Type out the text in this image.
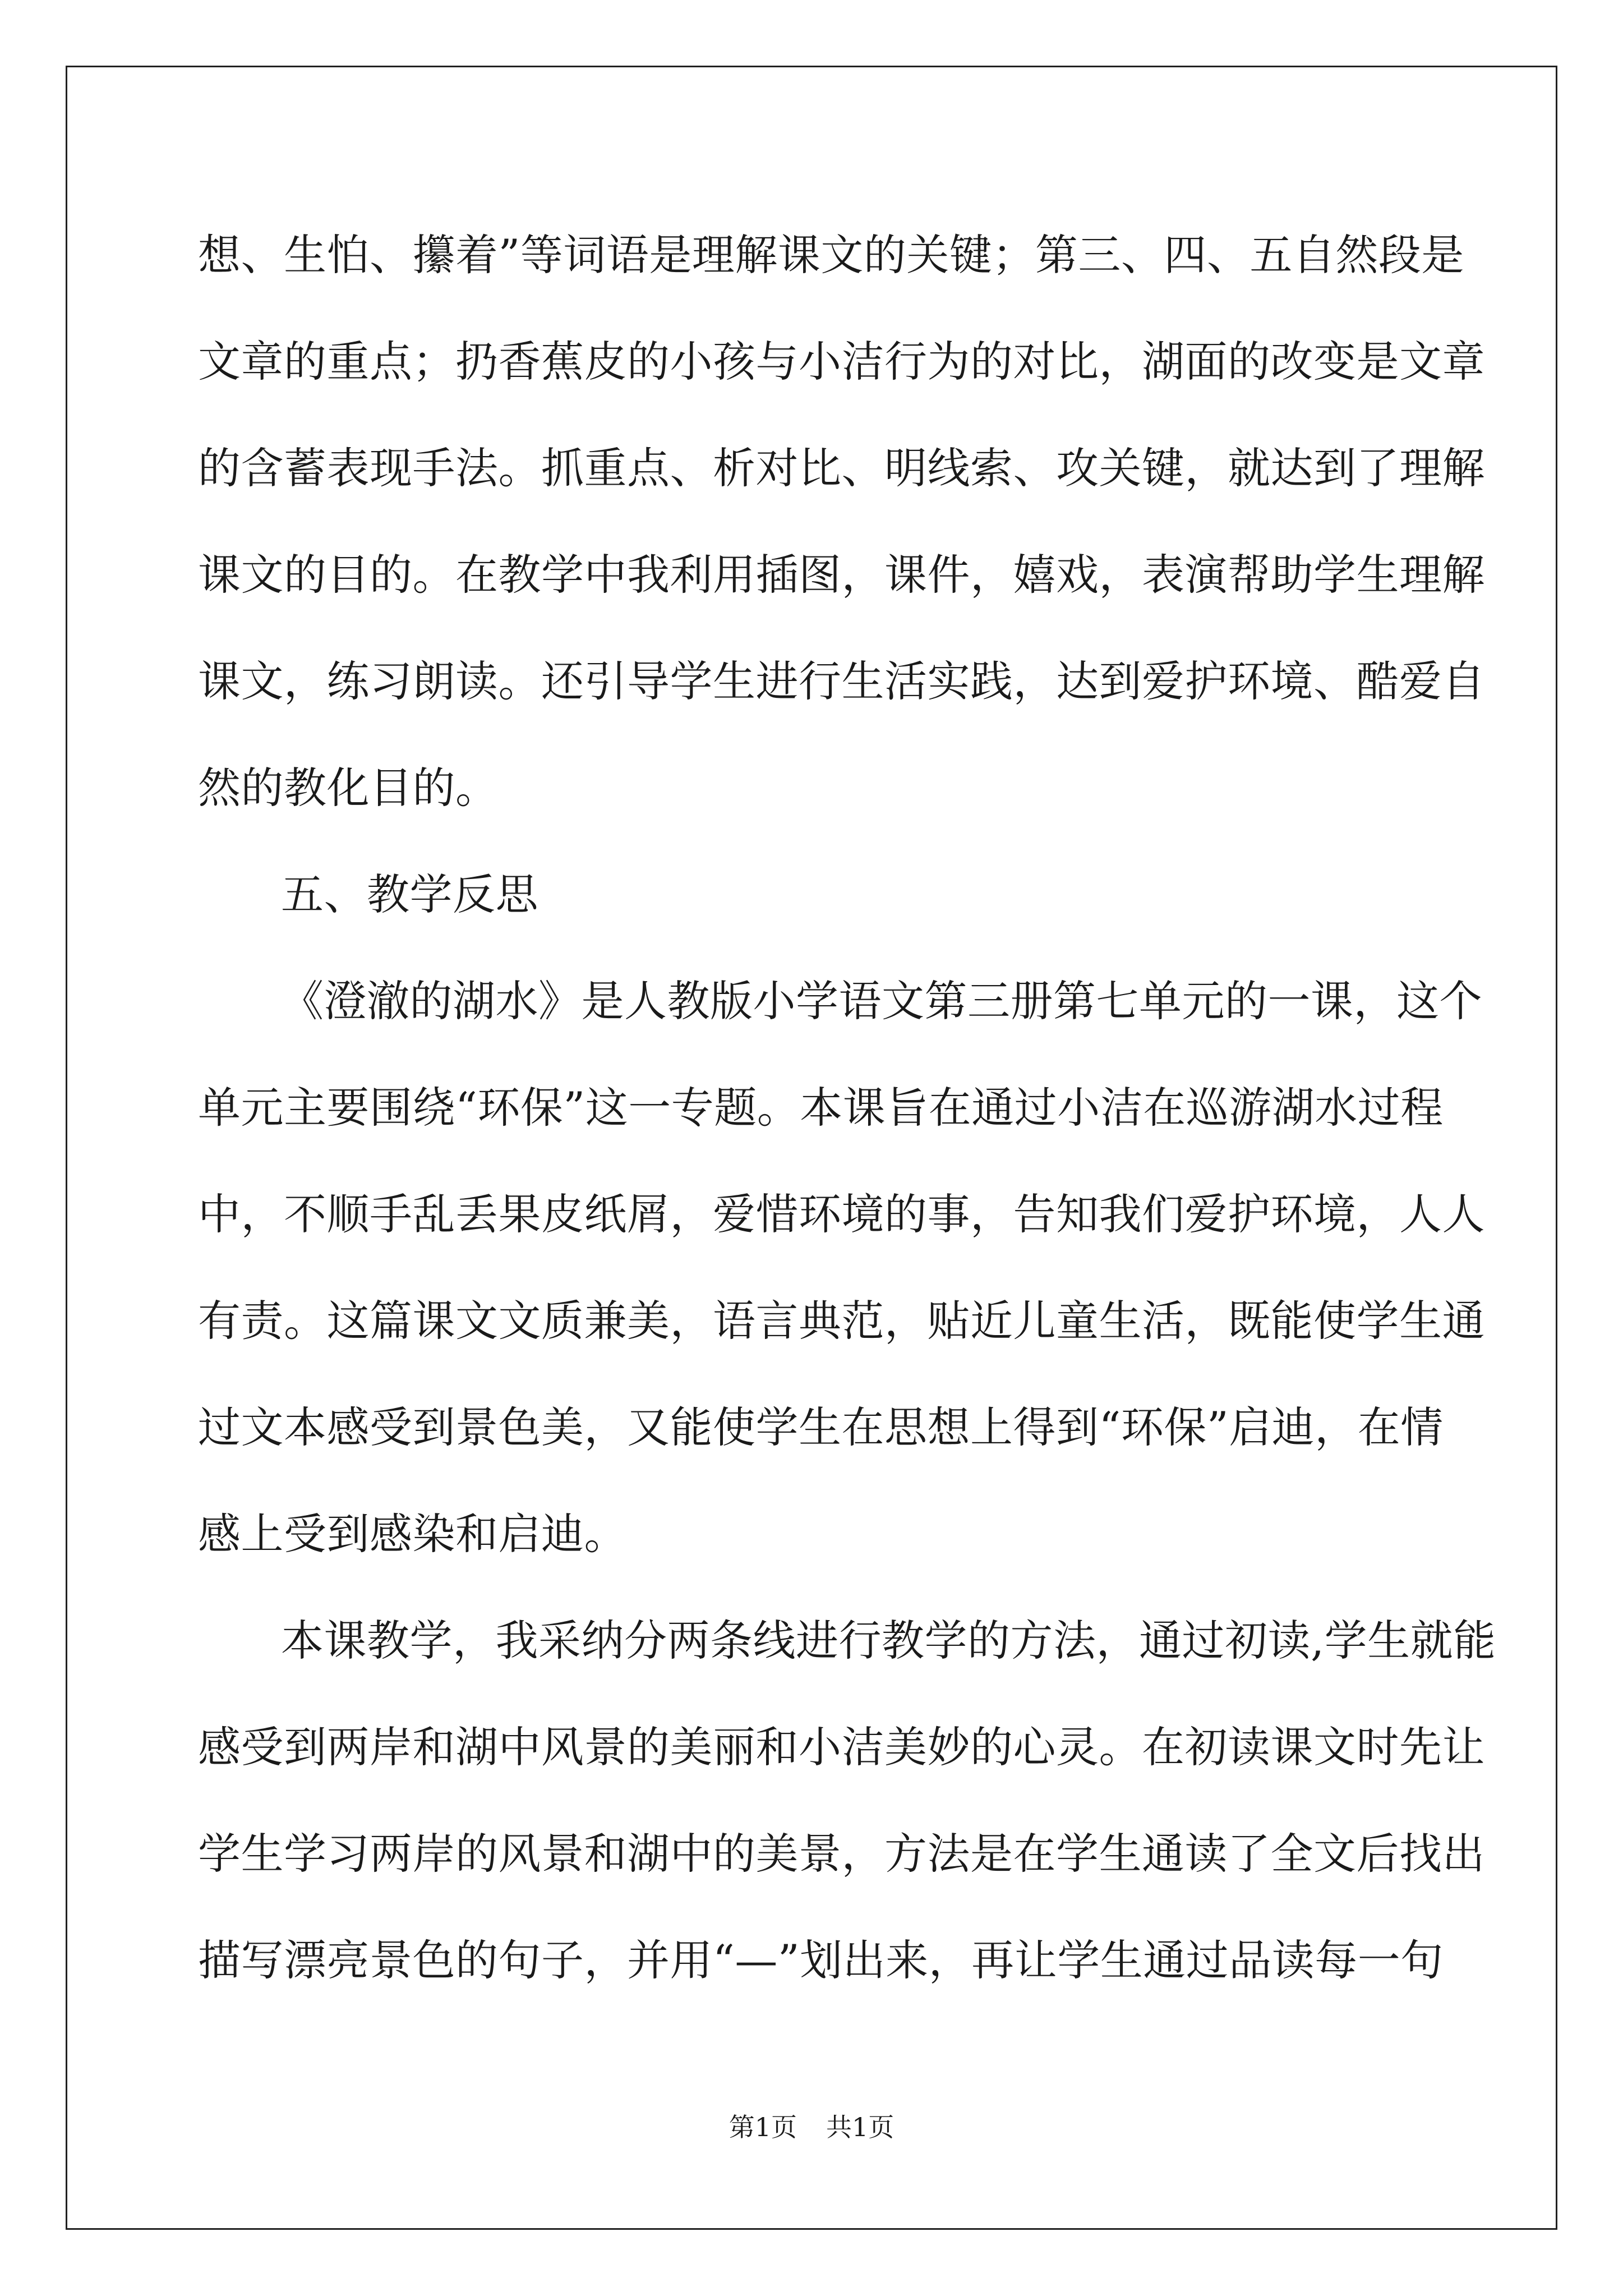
想、生怕、攥着”等词语是理解课文的关键；第三、四、五自然段是
文章的重点；扔香蕉皮的小孩与小洁行为的对比，湖面的改变是文章
的含蓄表现手法。抓重点、析对比、明线索、攻关键，就达到了理解
课文的目的。在教学中我利用插图，课件，嬉戏，表演帮助学生理解
课文，练习朗读。还引导学生进行生活实践，达到爱护环境、酷爱自
然的教化目的。
五、教学反思
《澄澈的湖水》是人教版小学语文第三册第七单元的一课，这个
单元主要围绕“环保”这一专题。本课旨在通过小洁在巡游湖水过程
中，不顺手乱丢果皮纸屑，爱惜环境的事，告知我们爱护环境，人人
有责。这篇课文文质兼美，语言典范，贴近儿童生活，既能使学生通
过文本感受到景色美，又能使学生在思想上得到“环保”启迪，在情
感上受到感染和启迪。
本课教学，我采纳分两条线进行教学的方法，通过初读,学生就能
感受到两岸和湖中风景的美丽和小洁美妙的心灵。在初读课文时先让
学生学习两岸的风景和湖中的美景，方法是在学生通读了全文后找出
描写漂亮景色的句子，并用“—”划出来，再让学生通过品读每一句
第1页 共1页
